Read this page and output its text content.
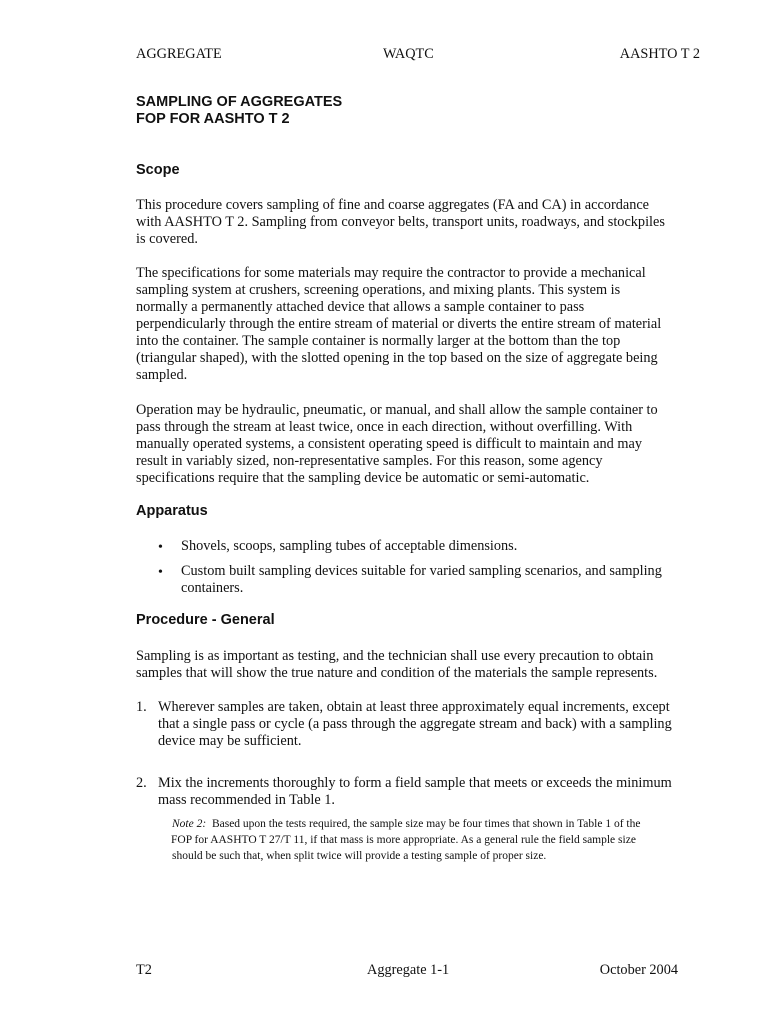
AGGREGATE	WAQTC	AASHTO T 2
SAMPLING OF AGGREGATES
FOP FOR AASHTO T 2
Scope
This procedure covers sampling of fine and coarse aggregates (FA and CA) in accordance
with AASHTO T 2. Sampling from conveyor belts, transport units, roadways, and stockpiles
is covered.
The specifications for some materials may require the contractor to provide a mechanical
sampling system at crushers, screening operations, and mixing plants. This system is
normally a permanently attached device that allows a sample container to pass
perpendicularly through the entire stream of material or diverts the entire stream of material
into the container. The sample container is normally larger at the bottom than the top
(triangular shaped), with the slotted opening in the top based on the size of aggregate being
sampled.
Operation may be hydraulic, pneumatic, or manual, and shall allow the sample container to
pass through the stream at least twice, once in each direction, without overfilling. With
manually operated systems, a consistent operating speed is difficult to maintain and may
result in variably sized, non-representative samples. For this reason, some agency
specifications require that the sampling device be automatic or semi-automatic.
Apparatus
• Shovels, scoops, sampling tubes of acceptable dimensions.
• Custom built sampling devices suitable for varied sampling scenarios, and sampling
containers.
Procedure - General
Sampling is as important as testing, and the technician shall use every precaution to obtain
samples that will show the true nature and condition of the materials the sample represents.
1. Wherever samples are taken, obtain at least three approximately equal increments, except
that a single pass or cycle (a pass through the aggregate stream and back) with a sampling
device may be sufficient.
2. Mix the increments thoroughly to form a field sample that meets or exceeds the minimum
mass recommended in Table 1.
Note 2: Based upon the tests required, the sample size may be four times that shown in Table 1 of the
FOP for AASHTO T 27/T 11, if that mass is more appropriate. As a general rule the field sample size
should be such that, when split twice will provide a testing sample of proper size.
T2	Aggregate 1-1	October 2004
